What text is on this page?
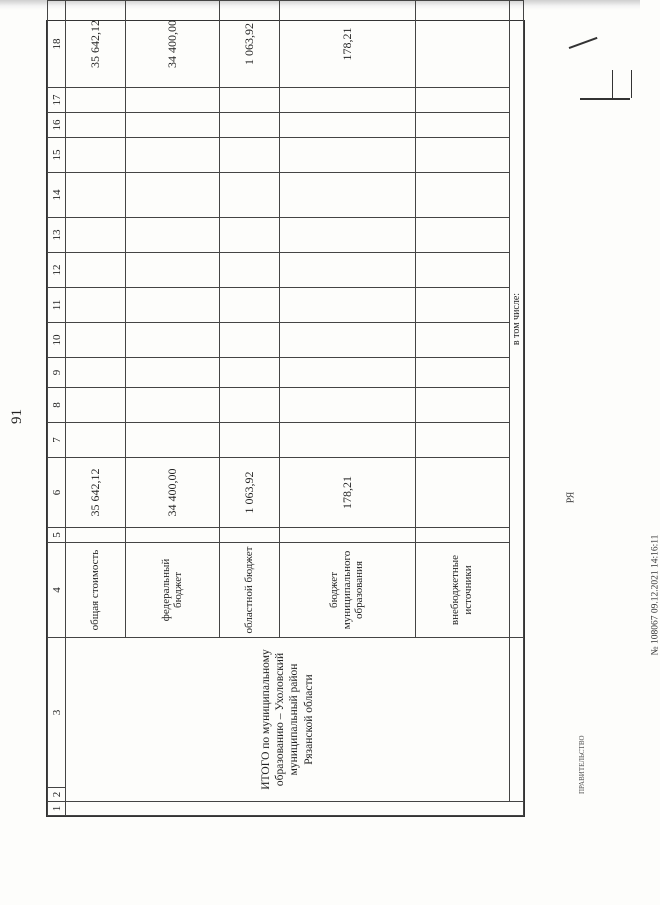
91
1	2	3	4	5	6	7	8	9	10	11	12	13	14	15	16	17	18
	ИТОГО по муниципальному образованию – Ухоловский муниципальный район Рязанской области		общая стоимость		35 642,12												35 642,12
			федеральный бюджет		34 400,00												34 400,00
			областной бюджет		1 063,92												1 063,92
			бюджет муниципального образования		178,21												178,21
			внебюджетные источники														
			в том числе:														
РЯ
№ 108067 09.12.2021 14:16:11
ПРАВИТЕЛЬСТВО
